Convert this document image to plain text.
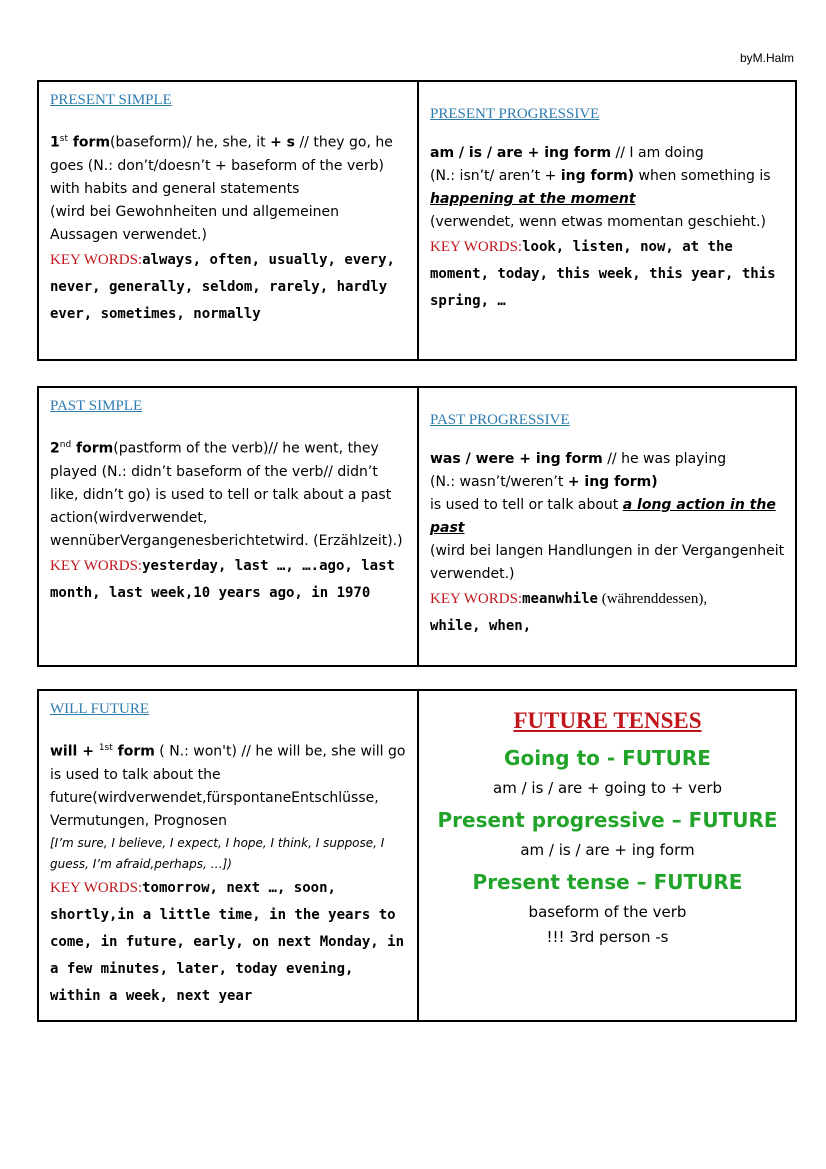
byM.Halm

PRESENT SIMPLE

1st form(baseform)/ he, she, it + s // they go, he goes (N.: don’t/doesn’t + baseform of the verb) with habits and general statements

(wird bei Gewohnheiten und allgemeinen Aussagen verwendet.)

KEY WORDS:always, often, usually, every, never, generally, seldom, rarely, hardly ever, sometimes, normally

PRESENT PROGRESSIVE

am / is / are + ing form // I am doing

(N.: isn’t/ aren’t + ing form) when something is

happening at the moment

(verwendet, wenn etwas momentan geschieht.)

KEY WORDS:look, listen, now, at the moment, today, this week, this year, this spring, …

PAST SIMPLE

2nd form(pastform of the verb)// he went, they played (N.: didn’t baseform of the verb// didn’t like, didn’t go) is used to tell or talk about a past action(wirdverwendet, wennüberVergangenesberichtetwird. (Erzählzeit).)

KEY WORDS:yesterday, last …, ….ago, last month, last week,10 years ago, in 1970

PAST PROGRESSIVE

was / were + ing form // he was playing

(N.: wasn’t/weren’t + ing form)

is used to tell or talk about a long action in the past

(wird bei langen Handlungen in der Vergangenheit verwendet.)

KEY WORDS:meanwhile (währenddessen),
while, when,

WILL FUTURE

will + $^{1st}$ form ( N.: won't) // he will be, she will go is used to talk about the future(wirdverwendet,fürspontaneEntschlüsse, Vermutungen, Prognosen

[I’m sure, I believe, I expect, I hope, I think, I suppose, I guess, I’m afraid,perhaps, …])

KEY WORDS:tomorrow, next …, soon, shortly,in a little time, in the years to come, in future, early, on next Monday, in a few minutes, later, today evening, within a week, next year

FUTURE TENSES

Going to - FUTURE

am / is / are + going to + verb

Present progressive – FUTURE

am / is / are + ing form

Present tense – FUTURE

baseform of the verb

!!! 3rd person -s
